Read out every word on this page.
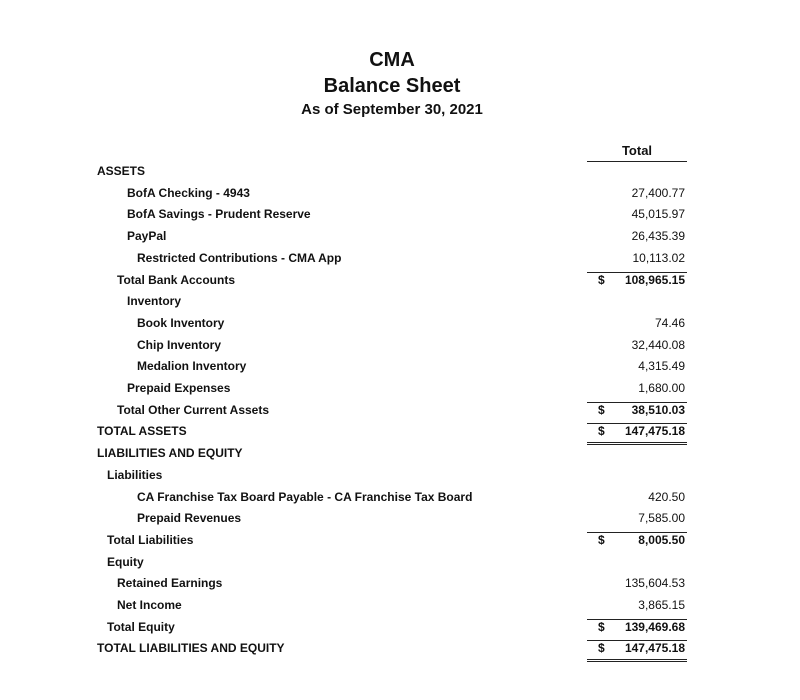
CMA
Balance Sheet
As of September 30, 2021
Total
ASSETS
BofA Checking - 4943	27,400.77
BofA Savings - Prudent Reserve	45,015.97
PayPal	26,435.39
Restricted Contributions - CMA App	10,113.02
Total Bank Accounts	$ 108,965.15
Inventory
Book Inventory	74.46
Chip Inventory	32,440.08
Medalion Inventory	4,315.49
Prepaid Expenses	1,680.00
Total Other Current Assets	$ 38,510.03
TOTAL ASSETS	$ 147,475.18
LIABILITIES AND EQUITY
Liabilities
CA Franchise Tax Board Payable - CA Franchise Tax Board	420.50
Prepaid Revenues	7,585.00
Total Liabilities	$	8,005.50
Equity
Retained Earnings	135,604.53
Net Income	3,865.15
Total Equity	$ 139,469.68
TOTAL LIABILITIES AND EQUITY	$ 147,475.18
